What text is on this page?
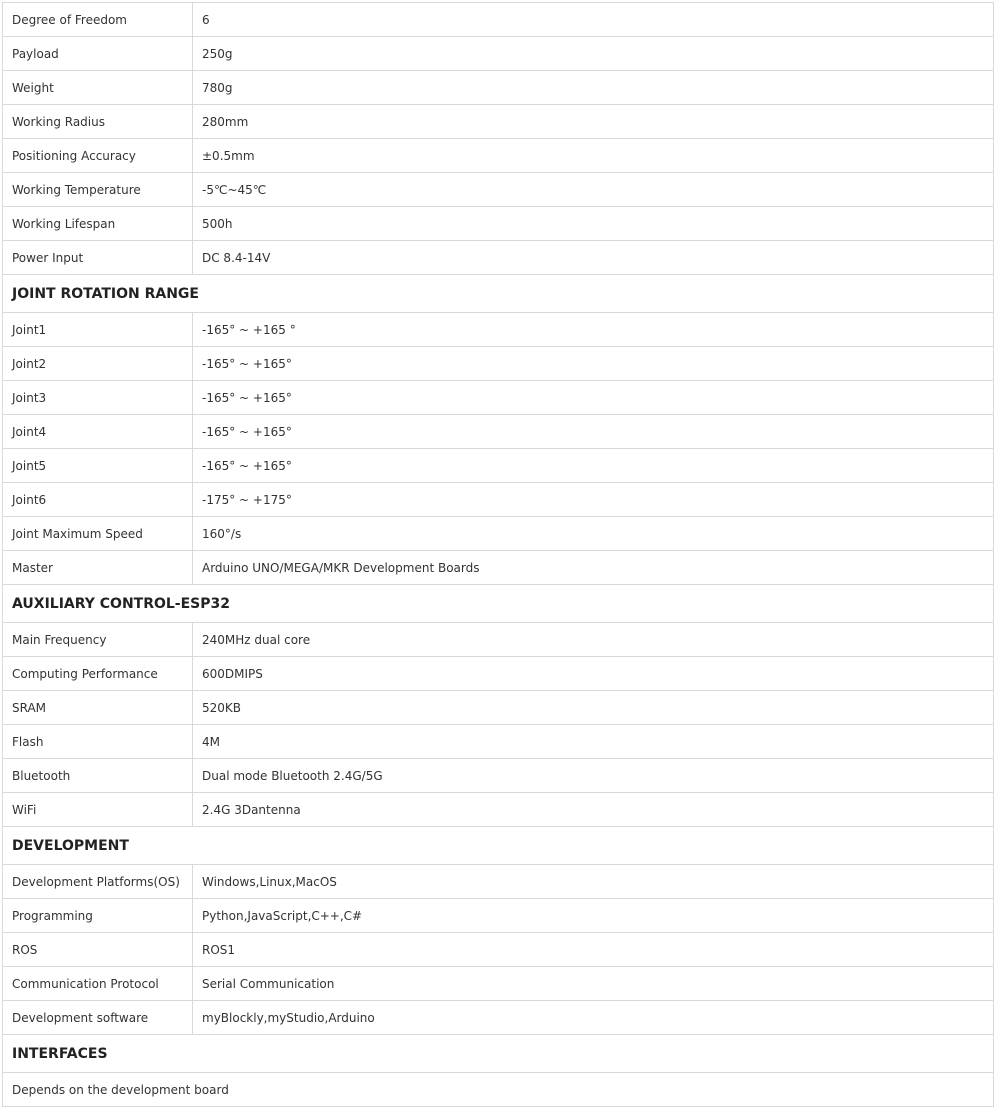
Degree of Freedom	6
Payload	250g
Weight	780g
Working Radius	280mm
Positioning Accuracy	±0.5mm
Working Temperature	-5℃~45℃
Working Lifespan	500h
Power Input	DC 8.4-14V
JOINT ROTATION RANGE	
Joint1	-165° ~ +165 °
Joint2	-165° ~ +165°
Joint3	-165° ~ +165°
Joint4	-165° ~ +165°
Joint5	-165° ~ +165°
Joint6	-175° ~ +175°
Joint Maximum Speed	160°/s
Master	Arduino UNO/MEGA/MKR Development Boards
AUXILIARY CONTROL-ESP32	
Main Frequency	240MHz dual core
Computing Performance	600DMIPS
SRAM	520KB
Flash	4M
Bluetooth	Dual mode Bluetooth 2.4G/5G
WiFi	2.4G 3Dantenna
DEVELOPMENT	
Development Platforms(OS)	Windows,Linux,MacOS
Programming	Python,JavaScript,C++,C#
ROS	ROS1
Communication Protocol	Serial Communication
Development software	myBlockly,myStudio,Arduino
INTERFACES	
Depends on the development board	
